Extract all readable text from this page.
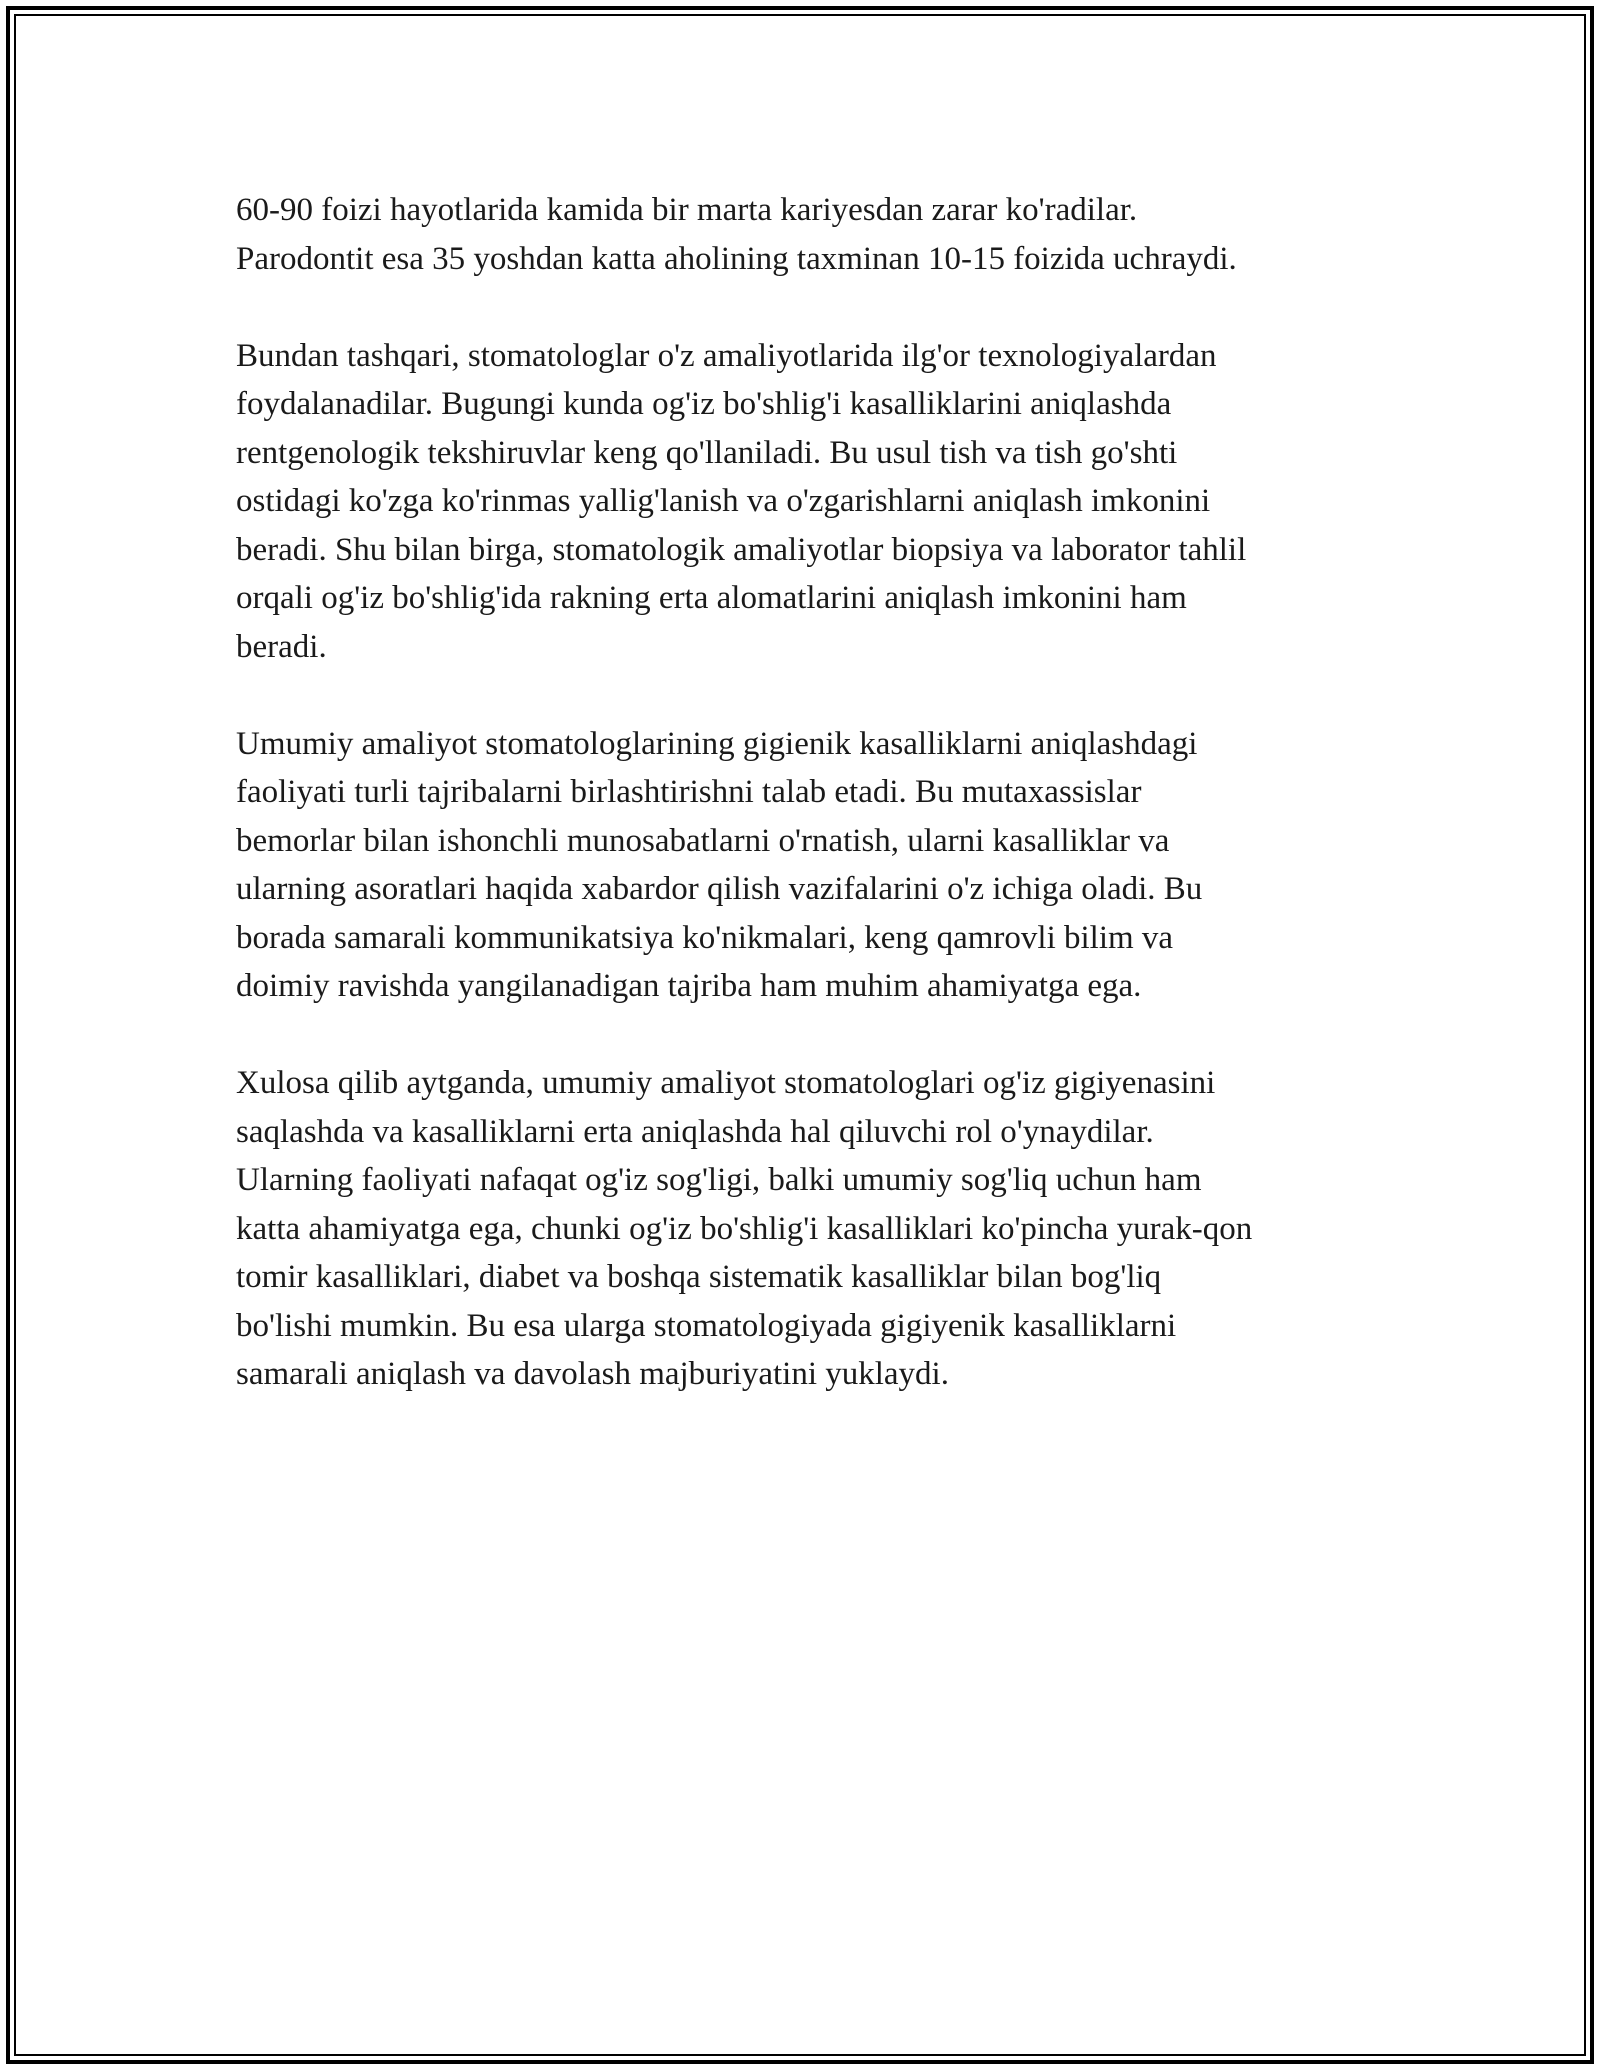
60-90 foizi hayotlarida kamida bir marta kariyesdan zarar ko'radilar.
Parodontit esa 35 yoshdan katta aholining taxminan 10-15 foizida uchraydi.

Bundan tashqari, stomatologlar o'z amaliyotlarida ilg'or texnologiyalardan
foydalanadilar. Bugungi kunda og'iz bo'shlig'i kasalliklarini aniqlashda
rentgenologik tekshiruvlar keng qo'llaniladi. Bu usul tish va tish go'shti
ostidagi ko'zga ko'rinmas yallig'lanish va o'zgarishlarni aniqlash imkonini
beradi. Shu bilan birga, stomatologik amaliyotlar biopsiya va laborator tahlil
orqali og'iz bo'shlig'ida rakning erta alomatlarini aniqlash imkonini ham
beradi.

Umumiy amaliyot stomatologlarining gigienik kasalliklarni aniqlashdagi
faoliyati turli tajribalarni birlashtirishni talab etadi. Bu mutaxassislar
bemorlar bilan ishonchli munosabatlarni o'rnatish, ularni kasalliklar va
ularning asoratlari haqida xabardor qilish vazifalarini o'z ichiga oladi. Bu
borada samarali kommunikatsiya ko'nikmalari, keng qamrovli bilim va
doimiy ravishda yangilanadigan tajriba ham muhim ahamiyatga ega.

Xulosa qilib aytganda, umumiy amaliyot stomatologlari og'iz gigiyenasini
saqlashda va kasalliklarni erta aniqlashda hal qiluvchi rol o'ynaydilar.
Ularning faoliyati nafaqat og'iz sog'ligi, balki umumiy sog'liq uchun ham
katta ahamiyatga ega, chunki og'iz bo'shlig'i kasalliklari ko'pincha yurak-qon
tomir kasalliklari, diabet va boshqa sistematik kasalliklar bilan bog'liq
bo'lishi mumkin. Bu esa ularga stomatologiyada gigiyenik kasalliklarni
samarali aniqlash va davolash majburiyatini yuklaydi.
